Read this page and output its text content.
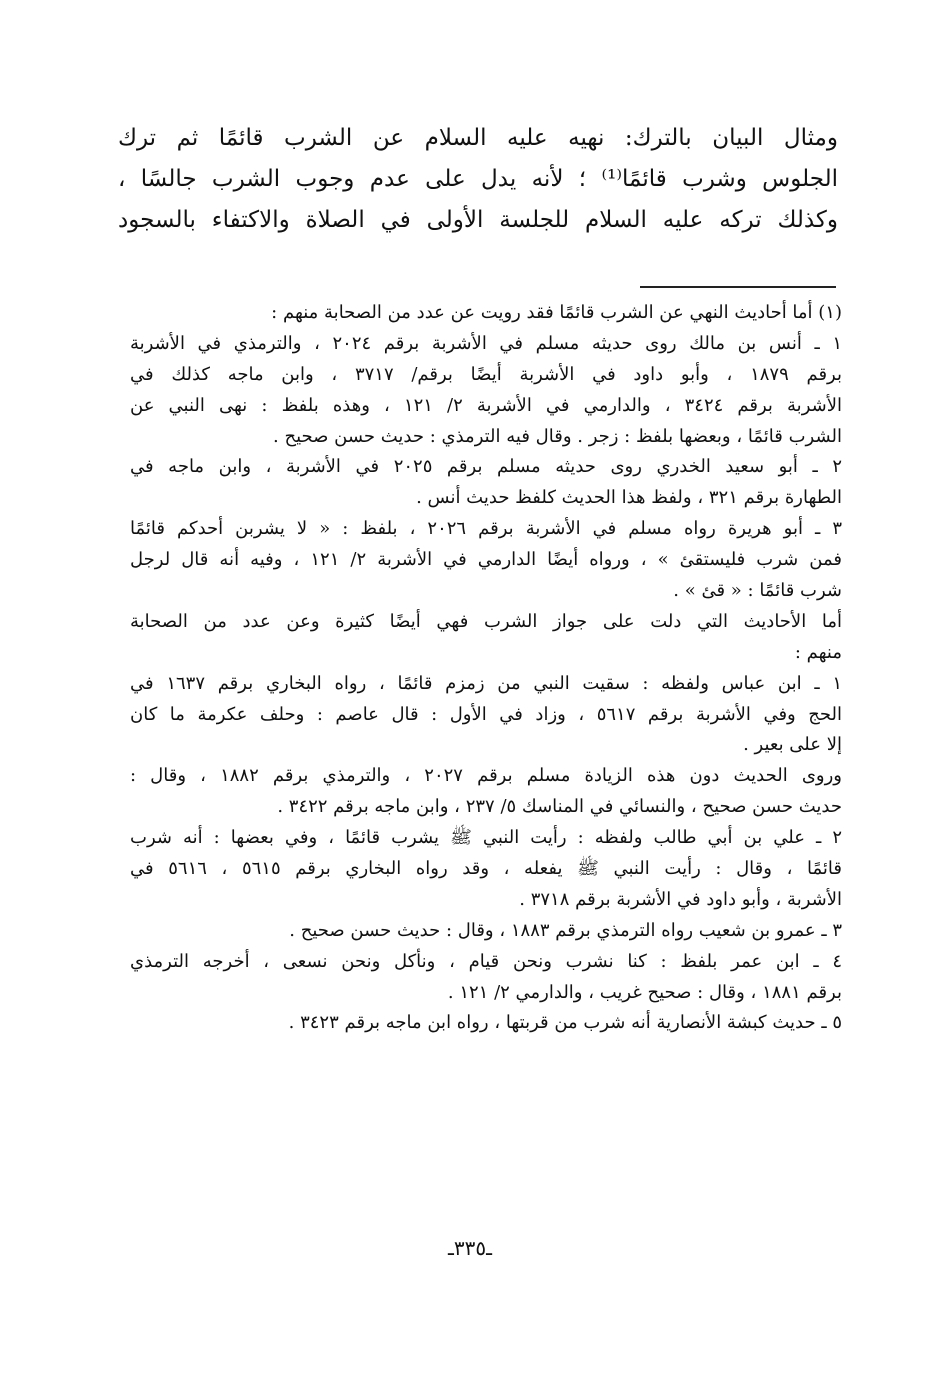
ومثال البيان بالترك: نهيه عليه السلام عن الشرب قائمًا ثم ترك
الجلوس وشرب قائمًا⁽¹⁾ ؛ لأنه يدل على عدم وجوب الشرب جالسًا ،
وكذلك تركه عليه السلام للجلسة الأولى في الصلاة والاكتفاء بالسجود
(١) أما أحاديث النهي عن الشرب قائمًا فقد رويت عن عدد من الصحابة منهم :
١ ـ أنس بن مالك روى حديثه مسلم في الأشربة برقم ٢٠٢٤ ، والترمذي في الأشربة
برقم ١٨٧٩ ، وأبو داود في الأشربة أيضًا برقم/ ٣٧١٧ ، وابن ماجه كذلك في
الأشربة برقم ٣٤٢٤ ، والدارمي في الأشربة ٢/ ١٢١ ، وهذه بلفظ : نهى النبي عن
الشرب قائمًا ، وبعضها بلفظ : زجر . وقال فيه الترمذي : حديث حسن صحيح .
٢ ـ أبو سعيد الخدري روى حديثه مسلم برقم ٢٠٢٥ في الأشربة ، وابن ماجه في
الطهارة برقم ٣٢١ ، ولفظ هذا الحديث كلفظ حديث أنس .
٣ ـ أبو هريرة رواه مسلم في الأشربة برقم ٢٠٢٦ ، بلفظ : « لا يشربن أحدكم قائمًا
فمن شرب فليستقئ » ، ورواه أيضًا الدارمي في الأشربة ٢/ ١٢١ ، وفيه أنه قال لرجل
شرب قائمًا : « قئ » .
أما الأحاديث التي دلت على جواز الشرب فهي أيضًا كثيرة وعن عدد من الصحابة
منهم :
١ ـ ابن عباس ولفظه : سقيت النبي من زمزم قائمًا ، رواه البخاري برقم ١٦٣٧ في
الحج وفي الأشربة برقم ٥٦١٧ ، وزاد في الأول : قال عاصم : وحلف عكرمة ما كان
إلا على بعير .
وروى الحديث دون هذه الزيادة مسلم برقم ٢٠٢٧ ، والترمذي برقم ١٨٨٢ ، وقال :
حديث حسن صحيح ، والنسائي في المناسك ٥/ ٢٣٧ ، وابن ماجه برقم ٣٤٢٢ .
٢ ـ علي بن أبي طالب ولفظه : رأيت النبي ﷺ يشرب قائمًا ، وفي بعضها : أنه شرب
قائمًا ، وقال : رأيت النبي ﷺ يفعله ، وقد رواه البخاري برقم ٥٦١٥ ، ٥٦١٦ في
الأشربة ، وأبو داود في الأشربة برقم ٣٧١٨ .
٣ ـ عمرو بن شعيب رواه الترمذي برقم ١٨٨٣ ، وقال : حديث حسن صحيح .
٤ ـ ابن عمر بلفظ : كنا نشرب ونحن قيام ، ونأكل ونحن نسعى ، أخرجه الترمذي
برقم ١٨٨١ ، وقال : صحيح غريب ، والدارمي ٢/ ١٢١ .
٥ ـ حديث كبشة الأنصارية أنه شرب من قربتها ، رواه ابن ماجه برقم ٣٤٢٣ .
ـ٣٣٥ـ
